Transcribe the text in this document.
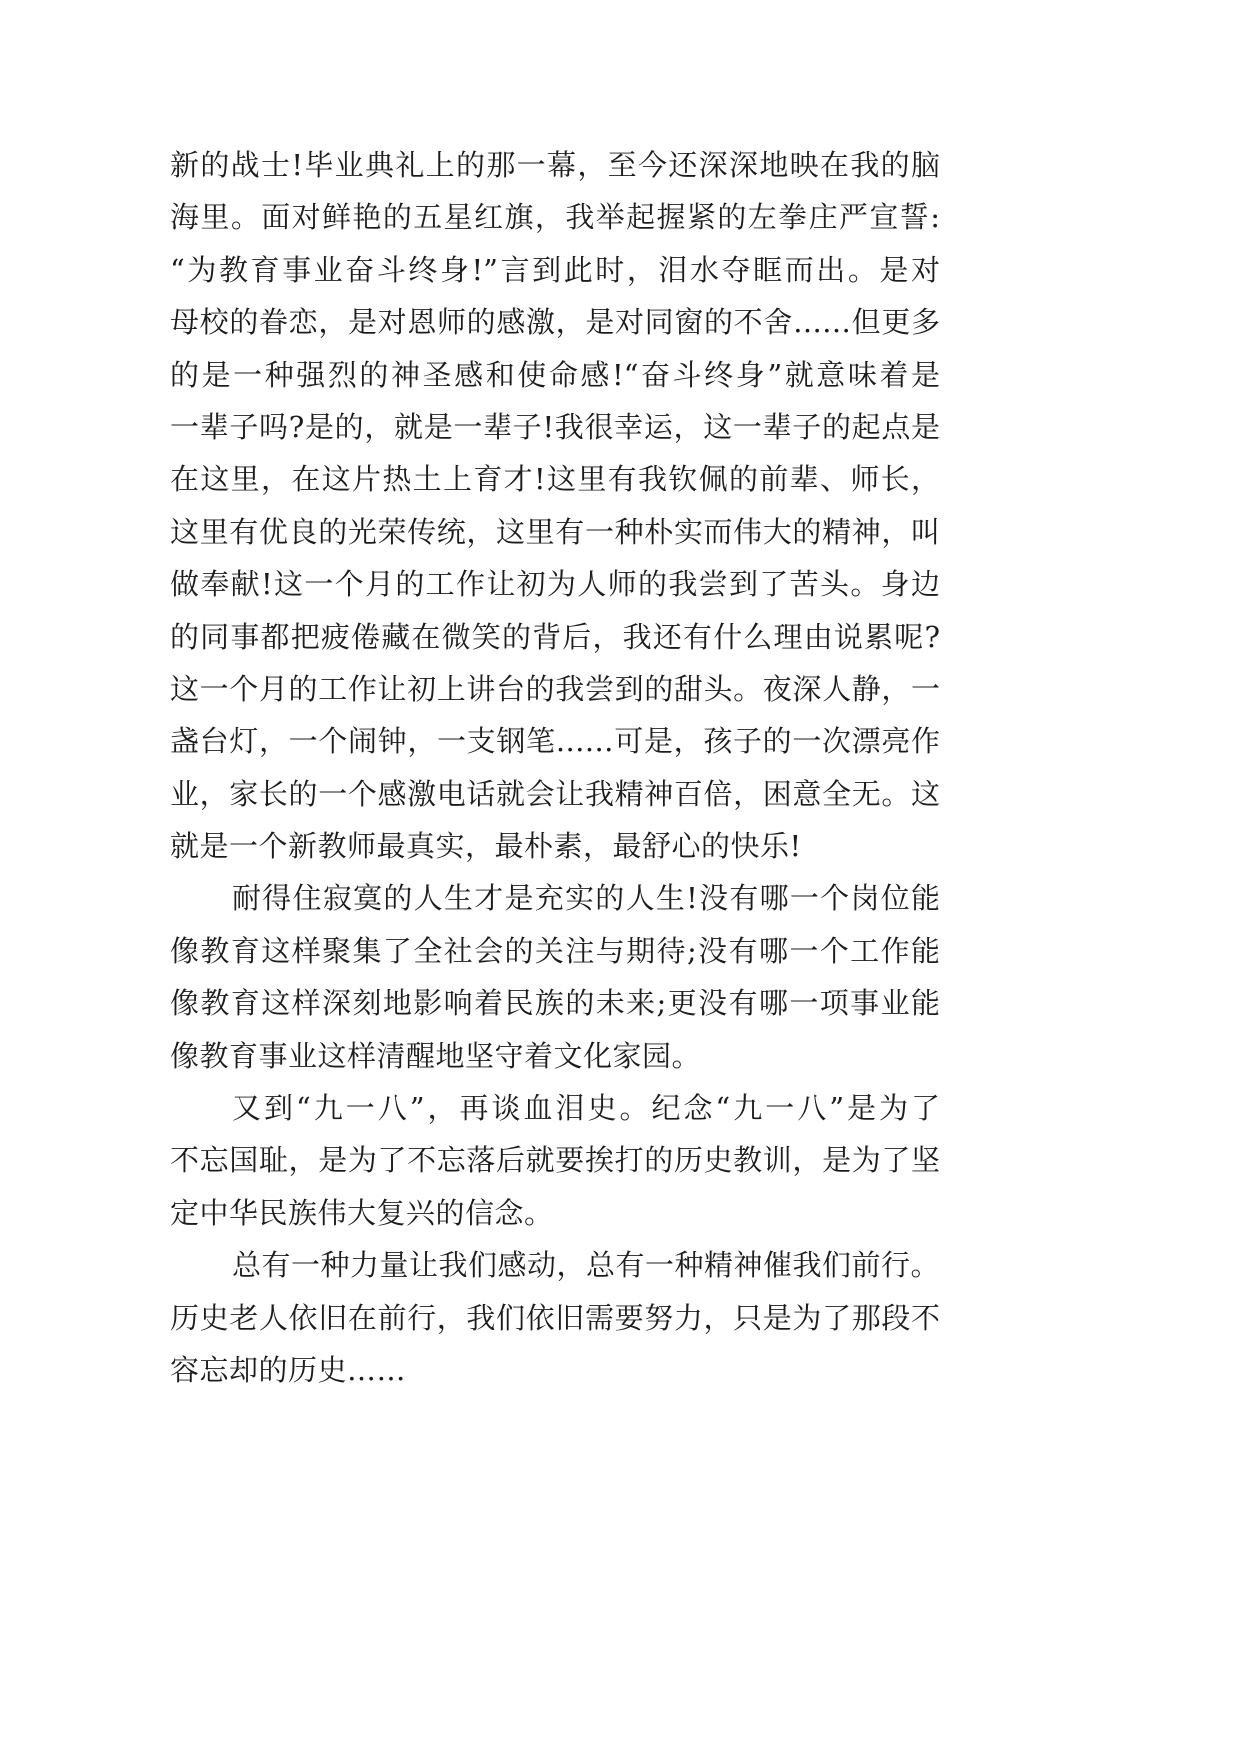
新的战士!毕业典礼上的那一幕，至今还深深地映在我的脑
海里。面对鲜艳的五星红旗，我举起握紧的左拳庄严宣誓:
“为教育事业奋斗终身!”言到此时，泪水夺眶而出。是对
母校的眷恋，是对恩师的感激，是对同窗的不舍……但更多
的是一种强烈的神圣感和使命感!“奋斗终身”就意味着是
一辈子吗?是的，就是一辈子!我很幸运，这一辈子的起点是
在这里，在这片热土上育才!这里有我钦佩的前辈、师长，
这里有优良的光荣传统，这里有一种朴实而伟大的精神，叫
做奉献!这一个月的工作让初为人师的我尝到了苦头。身边
的同事都把疲倦藏在微笑的背后，我还有什么理由说累呢?
这一个月的工作让初上讲台的我尝到的甜头。夜深人静，一
盏台灯，一个闹钟，一支钢笔……可是，孩子的一次漂亮作
业，家长的一个感激电话就会让我精神百倍，困意全无。这
就是一个新教师最真实，最朴素，最舒心的快乐!
耐得住寂寞的人生才是充实的人生!没有哪一个岗位能
像教育这样聚集了全社会的关注与期待;没有哪一个工作能
像教育这样深刻地影响着民族的未来;更没有哪一项事业能
像教育事业这样清醒地坚守着文化家园。
又到“九一八”，再谈血泪史。纪念“九一八”是为了
不忘国耻，是为了不忘落后就要挨打的历史教训，是为了坚
定中华民族伟大复兴的信念。
总有一种力量让我们感动，总有一种精神催我们前行。
历史老人依旧在前行，我们依旧需要努力，只是为了那段不
容忘却的历史……
